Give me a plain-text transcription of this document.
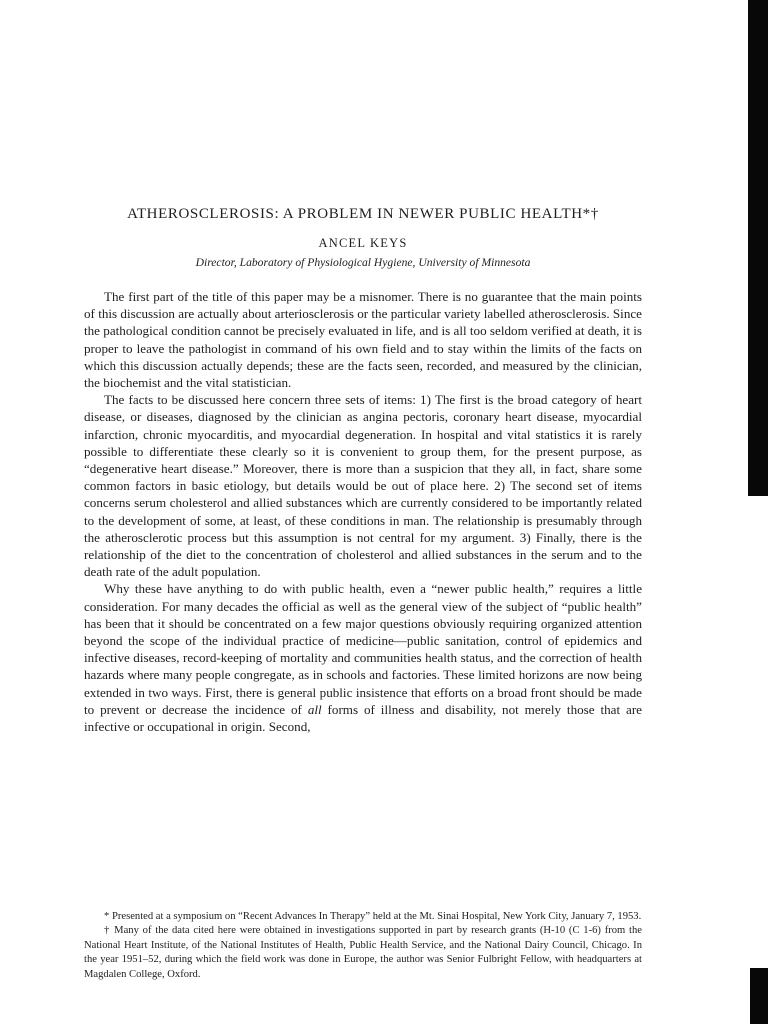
ATHEROSCLEROSIS: A PROBLEM IN NEWER PUBLIC HEALTH*†
ANCEL KEYS
Director, Laboratory of Physiological Hygiene, University of Minnesota

The first part of the title of this paper may be a misnomer. There is no guarantee that the main points of this discussion are actually about arteriosclerosis or the particular variety labelled atherosclerosis. Since the pathological condition cannot be precisely evaluated in life, and is all too seldom verified at death, it is proper to leave the pathologist in command of his own field and to stay within the limits of the facts on which this discussion actually depends; these are the facts seen, recorded, and measured by the clinician, the biochemist and the vital statistician.

The facts to be discussed here concern three sets of items: 1) The first is the broad category of heart disease, or diseases, diagnosed by the clinician as angina pectoris, coronary heart disease, myocardial infarction, chronic myocarditis, and myocardial degeneration. In hospital and vital statistics it is rarely possible to differentiate these clearly so it is convenient to group them, for the present purpose, as “degenerative heart disease.” Moreover, there is more than a suspicion that they all, in fact, share some common factors in basic etiology, but details would be out of place here. 2) The second set of items concerns serum cholesterol and allied substances which are currently considered to be importantly related to the development of some, at least, of these conditions in man. The relationship is presumably through the atherosclerotic process but this assumption is not central for my argument. 3) Finally, there is the relationship of the diet to the concentration of cholesterol and allied substances in the serum and to the death rate of the adult population.

Why these have anything to do with public health, even a “newer public health,” requires a little consideration. For many decades the official as well as the general view of the subject of “public health” has been that it should be concentrated on a few major questions obviously requiring organized attention beyond the scope of the individual practice of medicine—public sanitation, control of epidemics and infective diseases, record-keeping of mortality and communities health status, and the correction of health hazards where many people congregate, as in schools and factories. These limited horizons are now being extended in two ways. First, there is general public insistence that efforts on a broad front should be made to prevent or decrease the incidence of all forms of illness and disability, not merely those that are infective or occupational in origin. Second,

* Presented at a symposium on “Recent Advances In Therapy” held at the Mt. Sinai Hospital, New York City, January 7, 1953.

† Many of the data cited here were obtained in investigations supported in part by research grants (H-10 (C 1-6) from the National Heart Institute, of the National Institutes of Health, Public Health Service, and the National Dairy Council, Chicago. In the year 1951–52, during which the field work was done in Europe, the author was Senior Fulbright Fellow, with headquarters at Magdalen College, Oxford.
